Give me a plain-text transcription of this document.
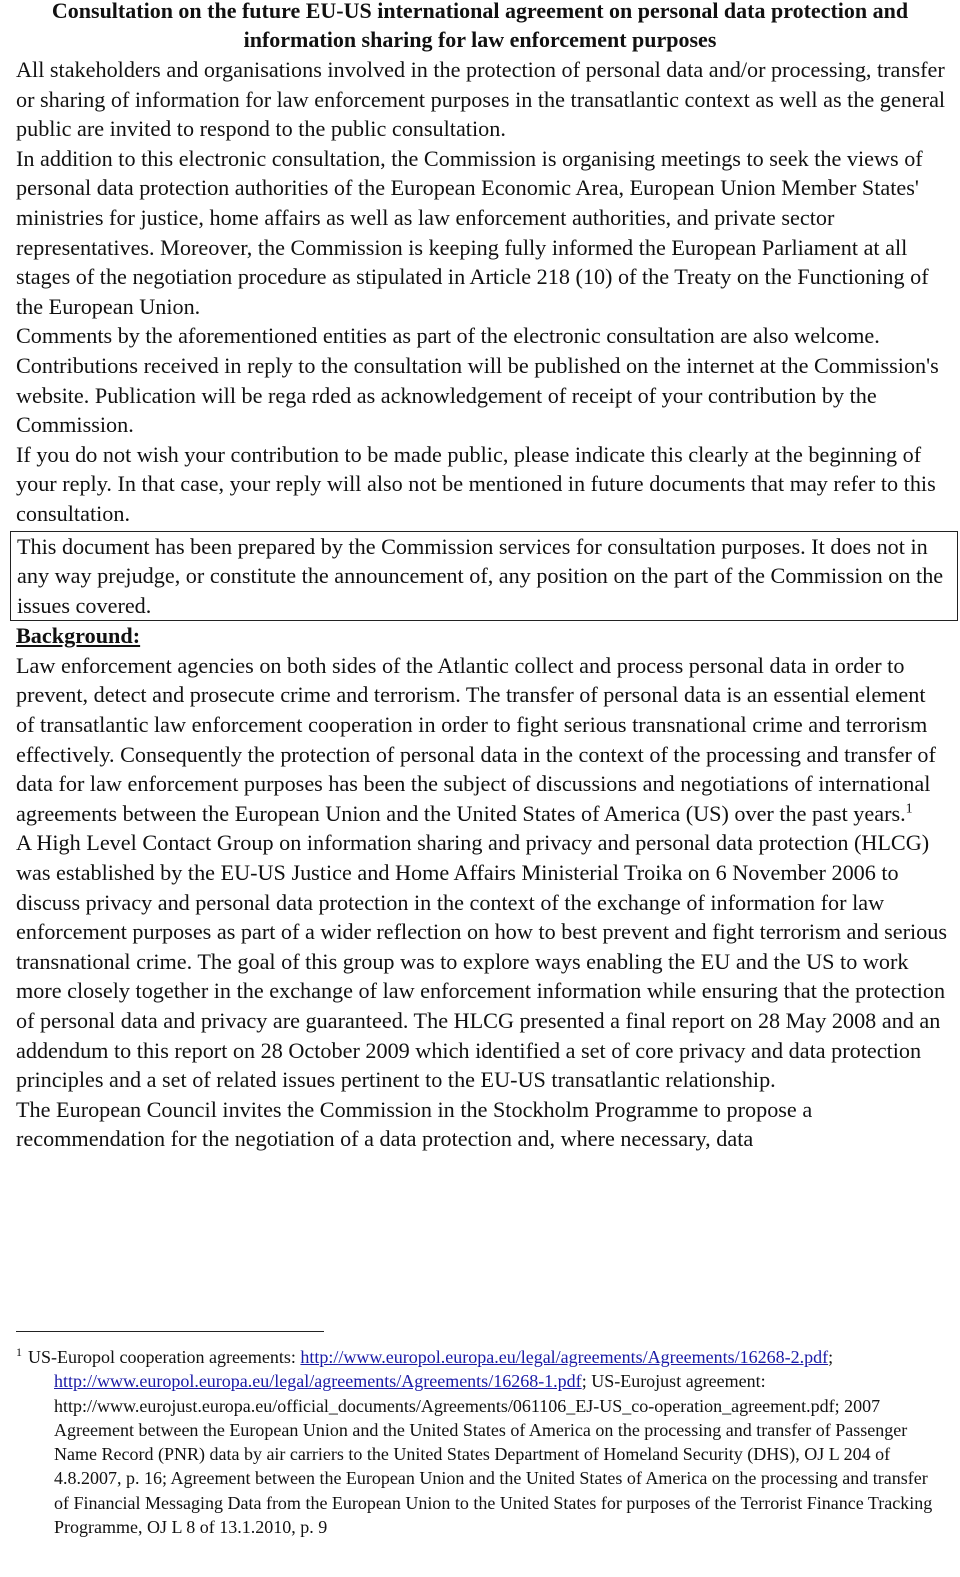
Consultation on the future EU-US international agreement on personal data protection and information sharing for law enforcement purposes

All stakeholders and organisations involved in the protection of personal data and/or processing, transfer or sharing of information for law enforcement purposes in the transatlantic context as well as the general public are invited to respond to the public consultation.

In addition to this electronic consultation, the Commission is organising meetings to seek the views of personal data protection authorities of the European Economic Area, European Union Member States' ministries for justice, home affairs as well as law enforcement authorities, and private sector representatives. Moreover, the Commission is keeping fully informed the European Parliament at all stages of the negotiation procedure as stipulated in Article 218 (10) of the Treaty on the Functioning of the European Union.

Comments by the aforementioned entities as part of the electronic consultation are also welcome.

Contributions received in reply to the consultation will be published on the internet at the Commission's website. Publication will be rega rded as acknowledgement of receipt of your contribution by the Commission.

If you do not wish your contribution to be made public, please indicate this clearly at the beginning of your reply. In that case, your reply will also not be mentioned in future documents that may refer to this consultation.

This document has been prepared by the Commission services for consultation purposes. It does not in any way prejudge, or constitute the announcement of, any position on the part of the Commission on the issues covered.

Background:

Law enforcement agencies on both sides of the Atlantic collect and process personal data in order to prevent, detect and prosecute crime and terrorism. The transfer of personal data is an essential element of transatlantic law enforcement cooperation in order to fight serious transnational crime and terrorism effectively. Consequently the protection of personal data in the context of the processing and transfer of data for law enforcement purposes has been the subject of discussions and negotiations of international agreements between the European Union and the United States of America (US) over the past years.$^1$

A High Level Contact Group on information sharing and privacy and personal data protection (HLCG) was established by the EU-US Justice and Home Affairs Ministerial Troika on 6 November 2006 to discuss privacy and personal data protection in the context of the exchange of information for law enforcement purposes as part of a wider reflection on how to best prevent and fight terrorism and serious transnational crime. The goal of this group was to explore ways enabling the EU and the US to work more closely together in the exchange of law enforcement information while ensuring that the protection of personal data and privacy are guaranteed. The HLCG presented a final report on 28 May 2008 and an addendum to this report on 28 October 2009 which identified a set of core privacy and data protection principles and a set of related issues pertinent to the EU-US transatlantic relationship.

The European Council invites the Commission in the Stockholm Programme to propose a recommendation for the negotiation of a data protection and, where necessary, data

$^1$ US-Europol cooperation agreements: http://www.europol.europa.eu/legal/agreements/Agreements/16268-2.pdf; http://www.europol.europa.eu/legal/agreements/Agreements/16268-1.pdf; US-Eurojust agreement: http://www.eurojust.europa.eu/official_documents/Agreements/061106_EJ-US_co-operation_agreement.pdf; 2007 Agreement between the European Union and the United States of America on the processing and transfer of Passenger Name Record (PNR) data by air carriers to the United States Department of Homeland Security (DHS), OJ L 204 of 4.8.2007, p. 16; Agreement between the European Union and the United States of America on the processing and transfer of Financial Messaging Data from the European Union to the United States for purposes of the Terrorist Finance Tracking Programme, OJ L 8 of 13.1.2010, p. 9
